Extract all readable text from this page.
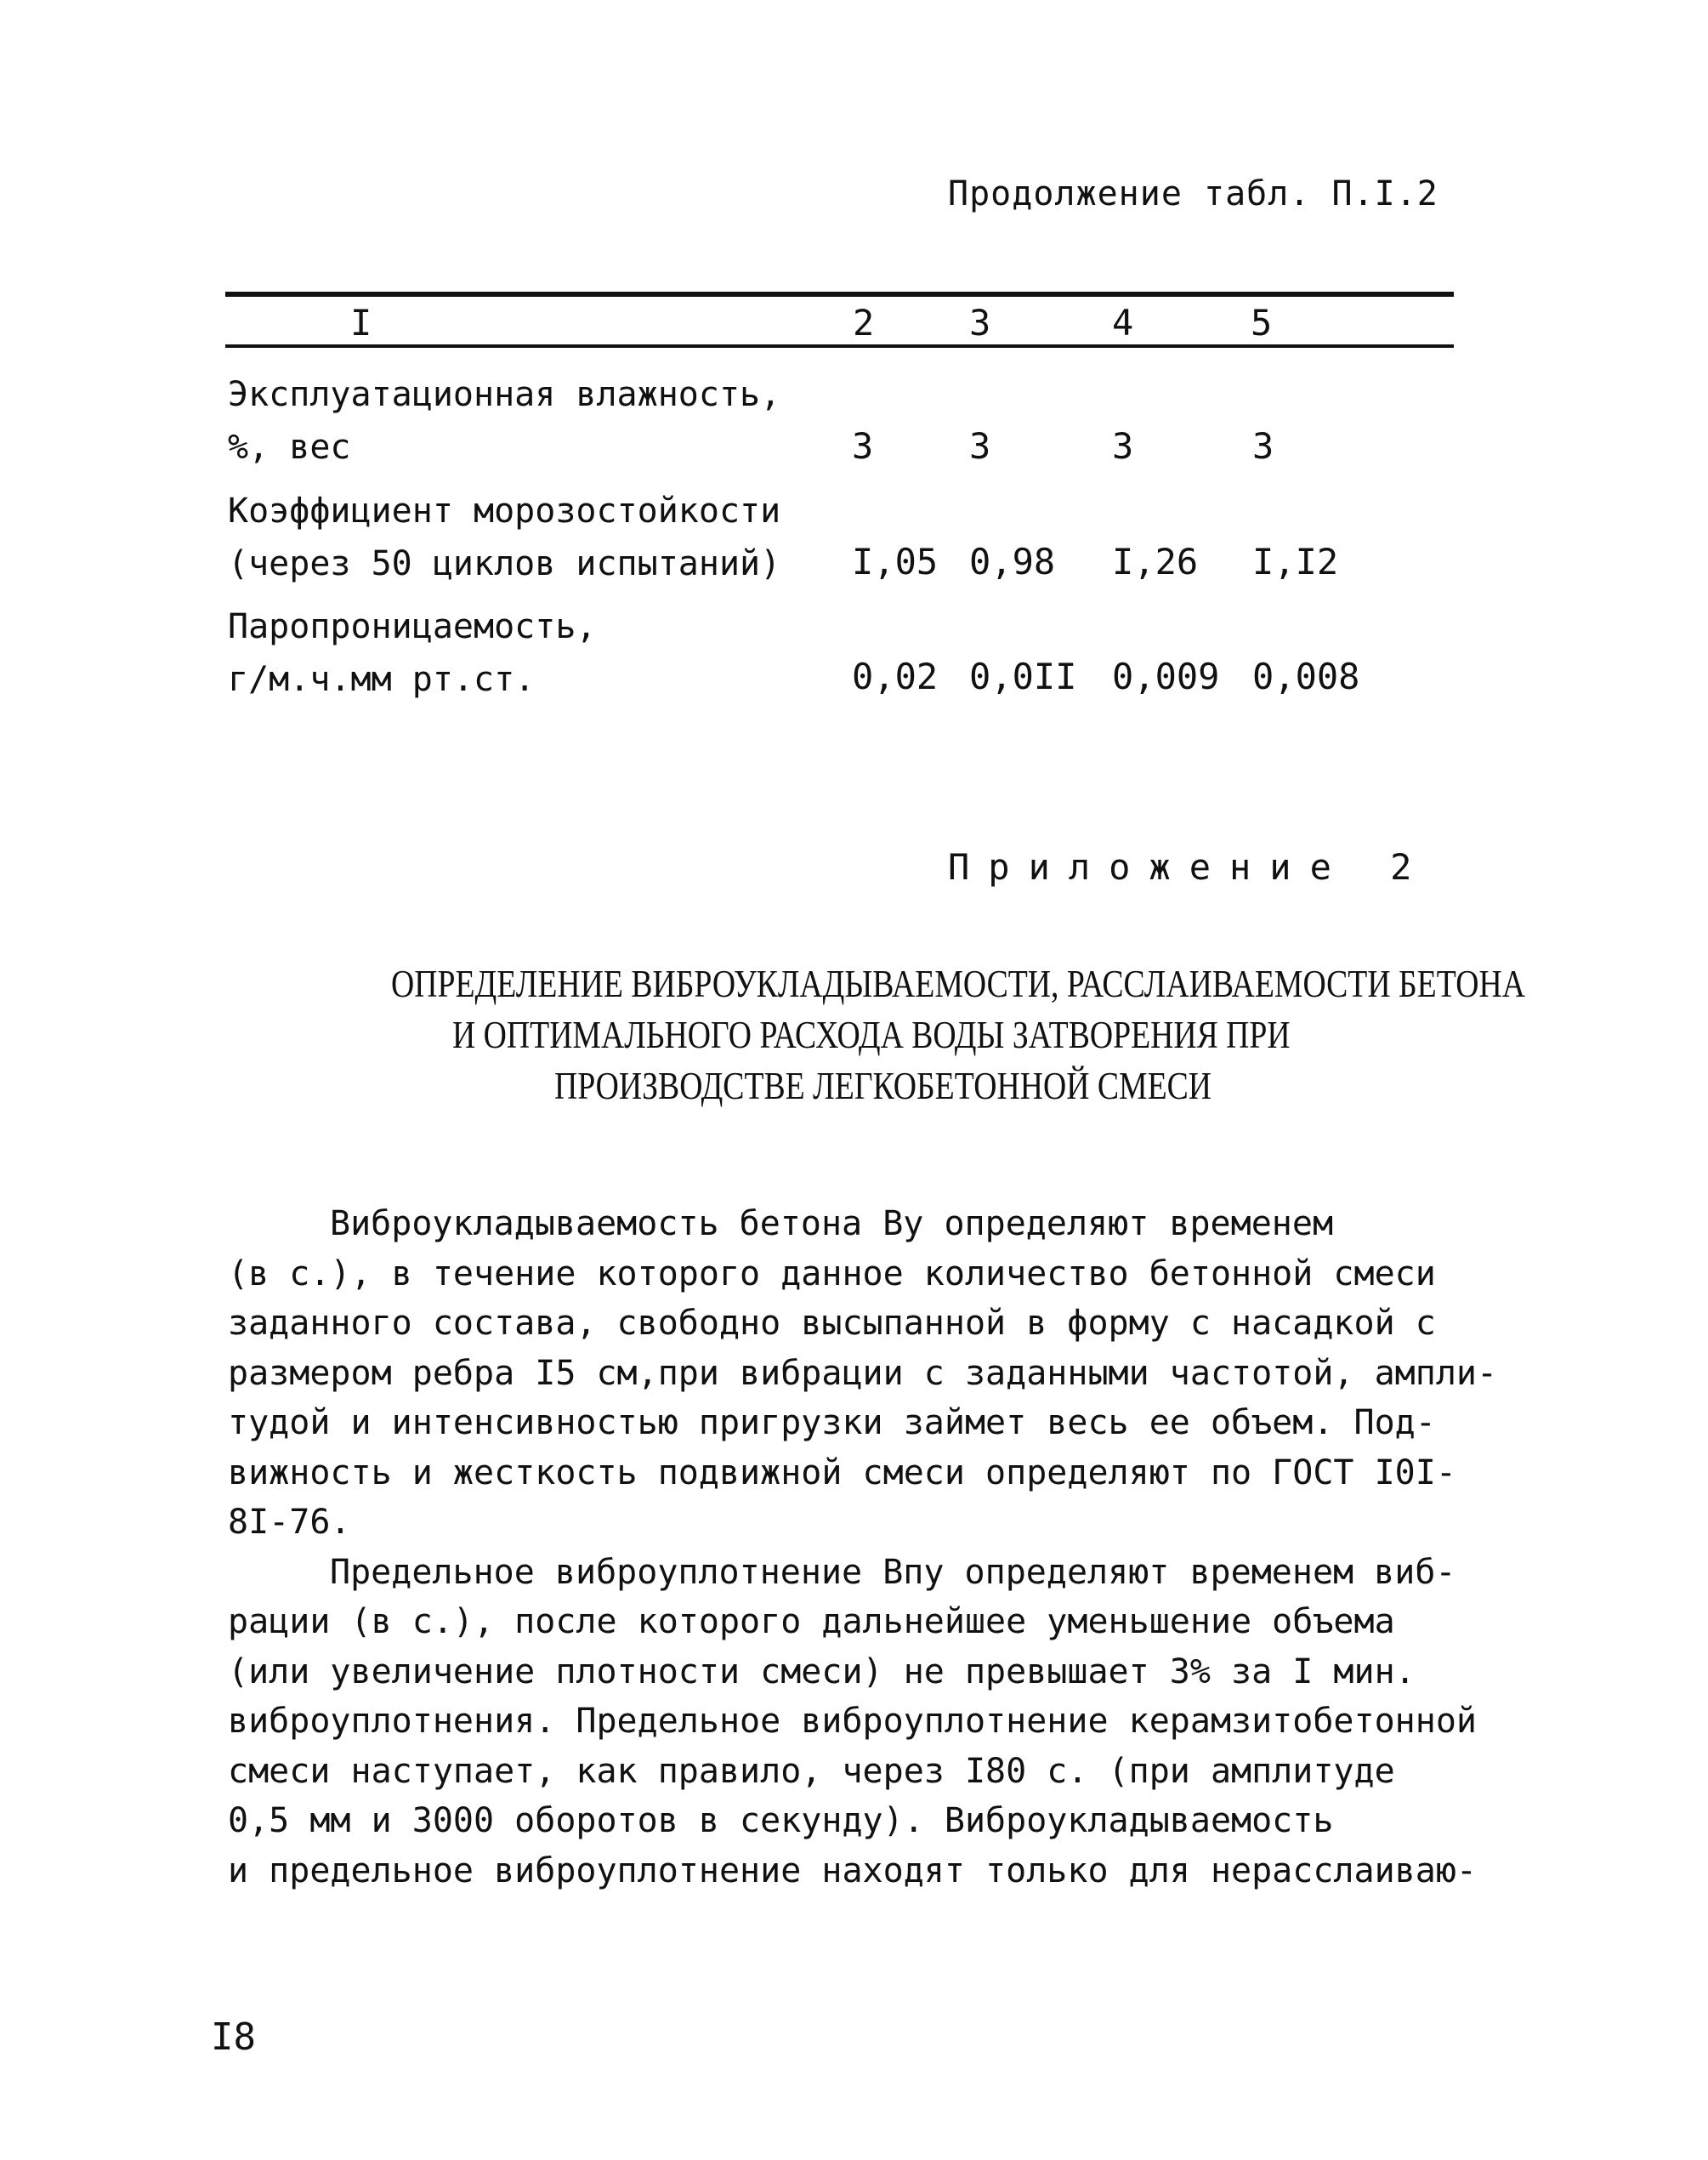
Продолжение табл. П.I.2
I	2	3	4	5
Эксплуатационная влажность,
%, вес	3	3	3	3
Коэффициент морозостойкости
(через 50 циклов испытаний) I,05 0,98 I,26 I,I2
Паропроницаемость,
г/м.ч.мм рт.ст.	0,02 0,0II 0,009 0,008
Приложение 2
ОПРЕДЕЛЕНИЕ ВИБРОУКЛАДЫВАЕМОСТИ, РАССЛАИВАЕМОСТИ БЕТОНА
И ОПТИМАЛЬНОГО РАСХОДА ВОДЫ ЗАТВОРЕНИЯ ПРИ
ПРОИЗВОДСТВЕ ЛЕГКОБЕТОННОЙ СМЕСИ
Виброукладываемость бетона Ву определяют временем
(в с.), в течение которого данное количество бетонной смеси
заданного состава, свободно высыпанной в форму с насадкой с
размером ребра I5 см,при вибрации с заданными частотой, ампли-
тудой и интенсивностью пригрузки займет весь ее объем. Под-
вижность и жесткость подвижной смеси определяют по ГОСТ I0I-
8I-76.
Предельное виброуплотнение Впу определяют временем виб-
рации (в с.), после которого дальнейшее уменьшение объема
(или увеличение плотности смеси) не превышает 3% за I мин.
виброуплотнения. Предельное виброуплотнение керамзитобетонной
смеси наступает, как правило, через I80 с. (при амплитуде
0,5 мм и 3000 оборотов в секунду). Виброукладываемость
и предельное виброуплотнение находят только для нерасслаиваю-
I8
